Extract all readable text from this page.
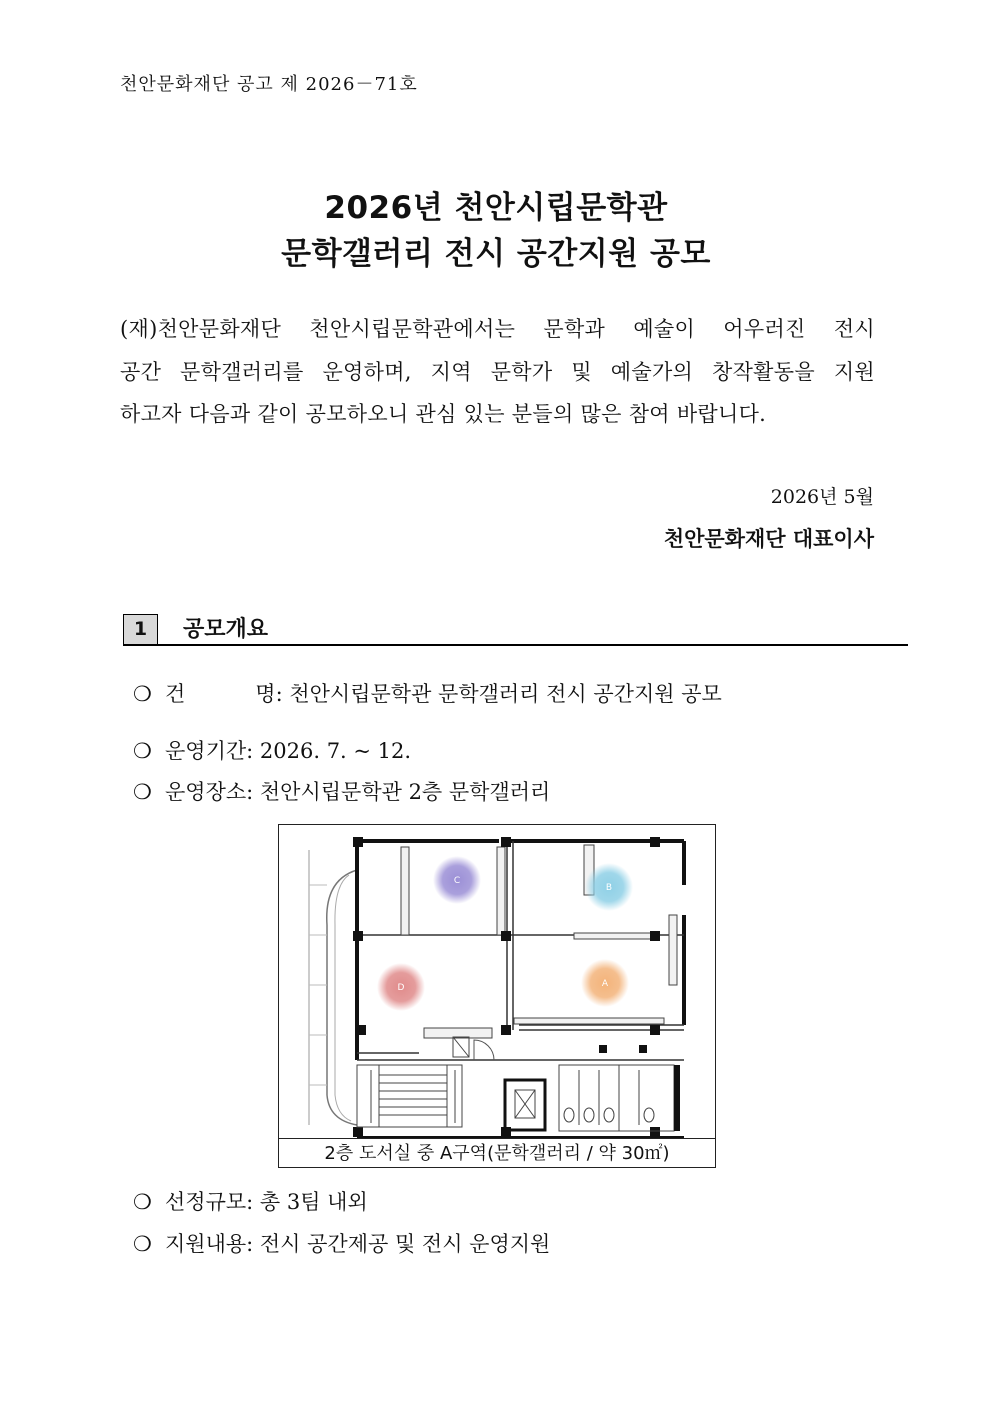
천안문화재단 공고 제 2026－71호
2026년 천안시립문학관
문학갤러리 전시 공간지원 공모
(재)천안문화재단 천안시립문학관에서는 문학과 예술이 어우러진 전시
공간 문학갤러리를 운영하며, 지역 문학가 및 예술가의 창작활동을 지원
하고자 다음과 같이 공모하오니 관심 있는 분들의 많은 참여 바랍니다.
2026년 5월
천안문화재단 대표이사
1	공모개요
❍ 건	명: 천안시립문학관 문학갤러리 전시 공간지원 공모
❍ 운영기간: 2026. 7. ~ 12.
❍ 운영장소: 천안시립문학관 2층 문학갤러리
C
B
D	A
2층 도서실 중 A구역(문학갤러리 / 약 30㎡)
❍ 선정규모: 총 3팀 내외
❍ 지원내용: 전시 공간제공 및 전시 운영지원
